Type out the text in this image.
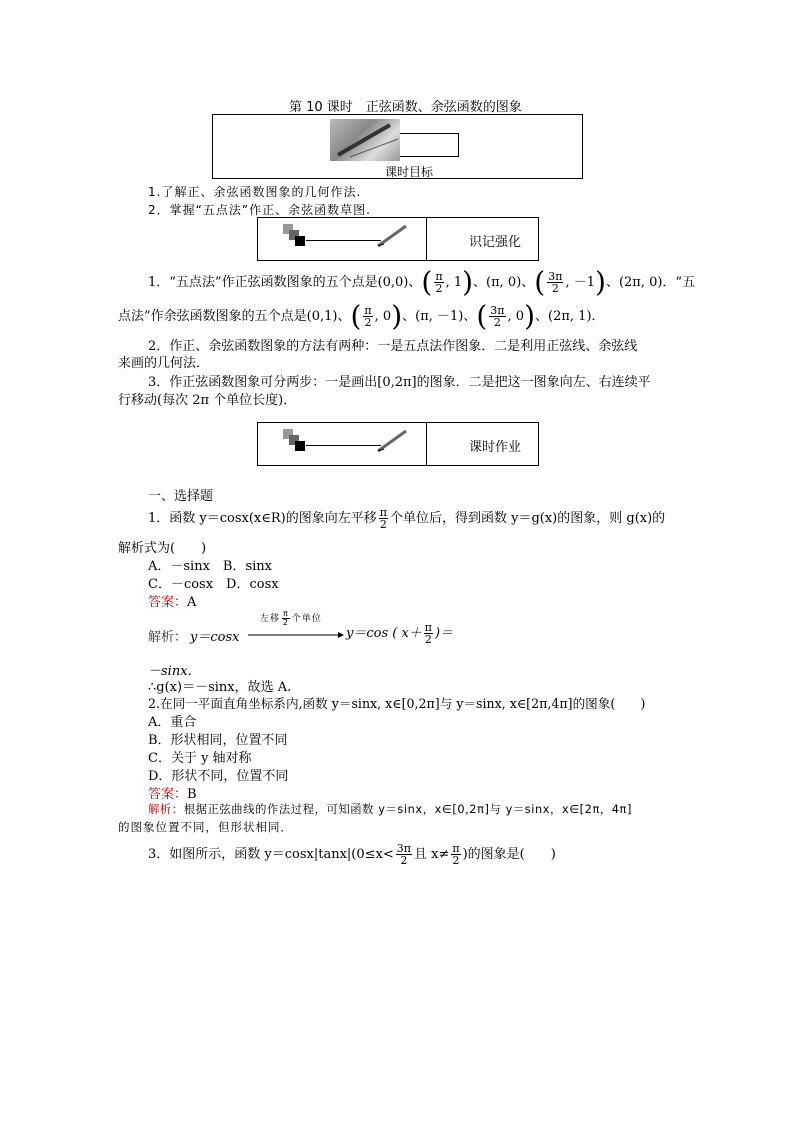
第 10 课时　正弦函数、余弦函数的图象
课时目标
1.了解正、余弦函数图象的几何作法.
2．掌握“五点法”作正、余弦函数草图.
识记强化
1．“五点法”作正弦函数图象的五个点是(0,0)、( $\frac{\pi}{2}$ , 1)、(π, 0)、( $\frac{3\pi}{2}$ , －1)、(2π, 0)．“五
点法”作余弦函数图象的五个点是(0,1)、( $\frac{\pi}{2}$ , 0)、(π, －1)、( $\frac{3\pi}{2}$ , 0)、(2π, 1)．
2．作正、余弦函数图象的方法有两种：一是五点法作图象．二是利用正弦线、余弦线
来画的几何法．
3．作正弦函数图象可分两步：一是画出[0,2π]的图象．二是把这一图象向左、右连续平
行移动(每次 2π 个单位长度)．
课时作业
一、选择题
1．函数 y＝cosx(x∈R)的图象向左平移 $\frac{\pi}{2}$ 个单位后，得到函数 y＝g(x)的图象，则 g(x)的
解析式为(　　)
A．－sinx　B．sinx
C．－cosx　D．cosx
答案：A
解析： y＝cosx
左移 $\frac{\pi}{2}$ 个单位
y＝cos ( $x+ \frac{\pi}{2}$ )＝
－sinx．
∴g(x)＝－sinx，故选 A.
2.在同一平面直角坐标系内,函数 y＝sinx, x∈[0,2π]与 y＝sinx, x∈[2π,4π]的图象(　　)
A．重合
B．形状相同，位置不同
C．关于 y 轴对称
D．形状不同，位置不同
答案：B
解析：根据正弦曲线的作法过程，可知函数 y＝sinx，x∈[0,2π]与 y＝sinx，x∈[2π，4π]
的图象位置不同，但形状相同．
3．如图所示，函数 $y=\cos x|\tan x|(0\le x< \frac{3\pi}{2}$ 且 $x\ne \frac{\pi}{2}$ )的图象是(　　)
